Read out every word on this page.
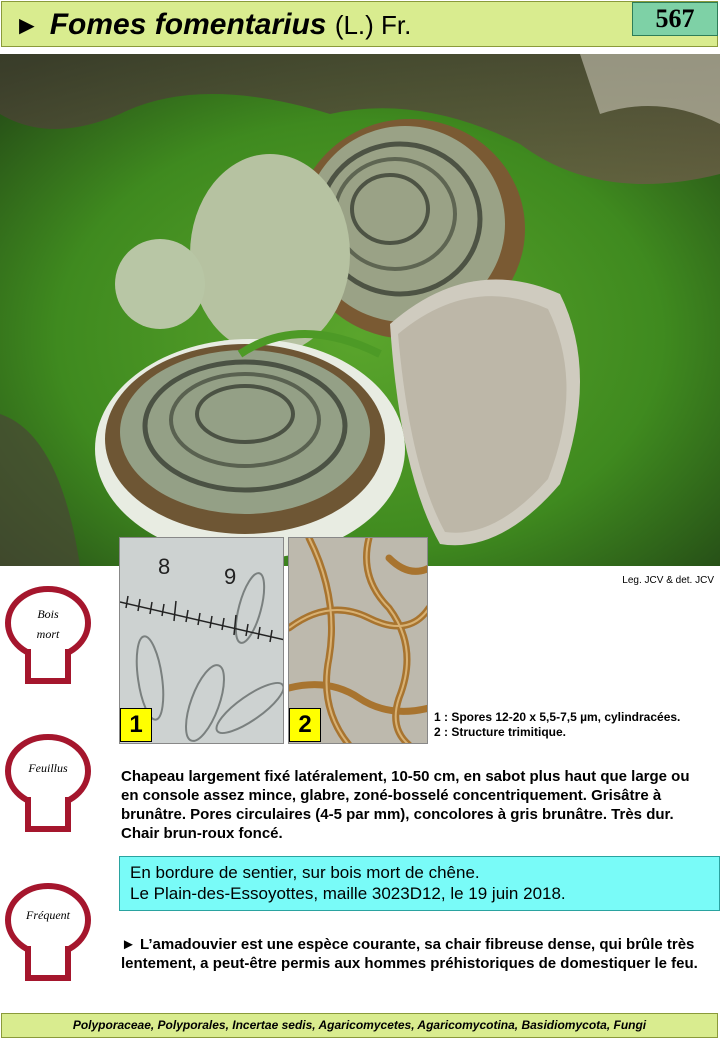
► Fomes fomentarius (L.) Fr.	567
8 9
1	2
Leg. JCV & det. JCV
1 : Spores 12-20 x 5,5-7,5 µm, cylindracées.
2 : Structure trimitique.
Bois
mort
Feuillus
Fréquent
Chapeau largement fixé latéralement, 10-50 cm, en sabot plus haut que large ou en console assez mince, glabre, zoné-bosselé concentriquement. Grisâtre à brunâtre. Pores circulaires (4-5 par mm), concolores à gris brunâtre. Très dur. Chair brun-roux foncé.
En bordure de sentier, sur bois mort de chêne.
Le Plain-des-Essoyottes, maille 3023D12, le 19 juin 2018.
► L’amadouvier est une espèce courante, sa chair fibreuse dense, qui brûle très lentement, a peut-être permis aux hommes préhistoriques de domestiquer le feu.
Polyporaceae, Polyporales, Incertae sedis, Agaricomycetes, Agaricomycotina, Basidiomycota, Fungi
